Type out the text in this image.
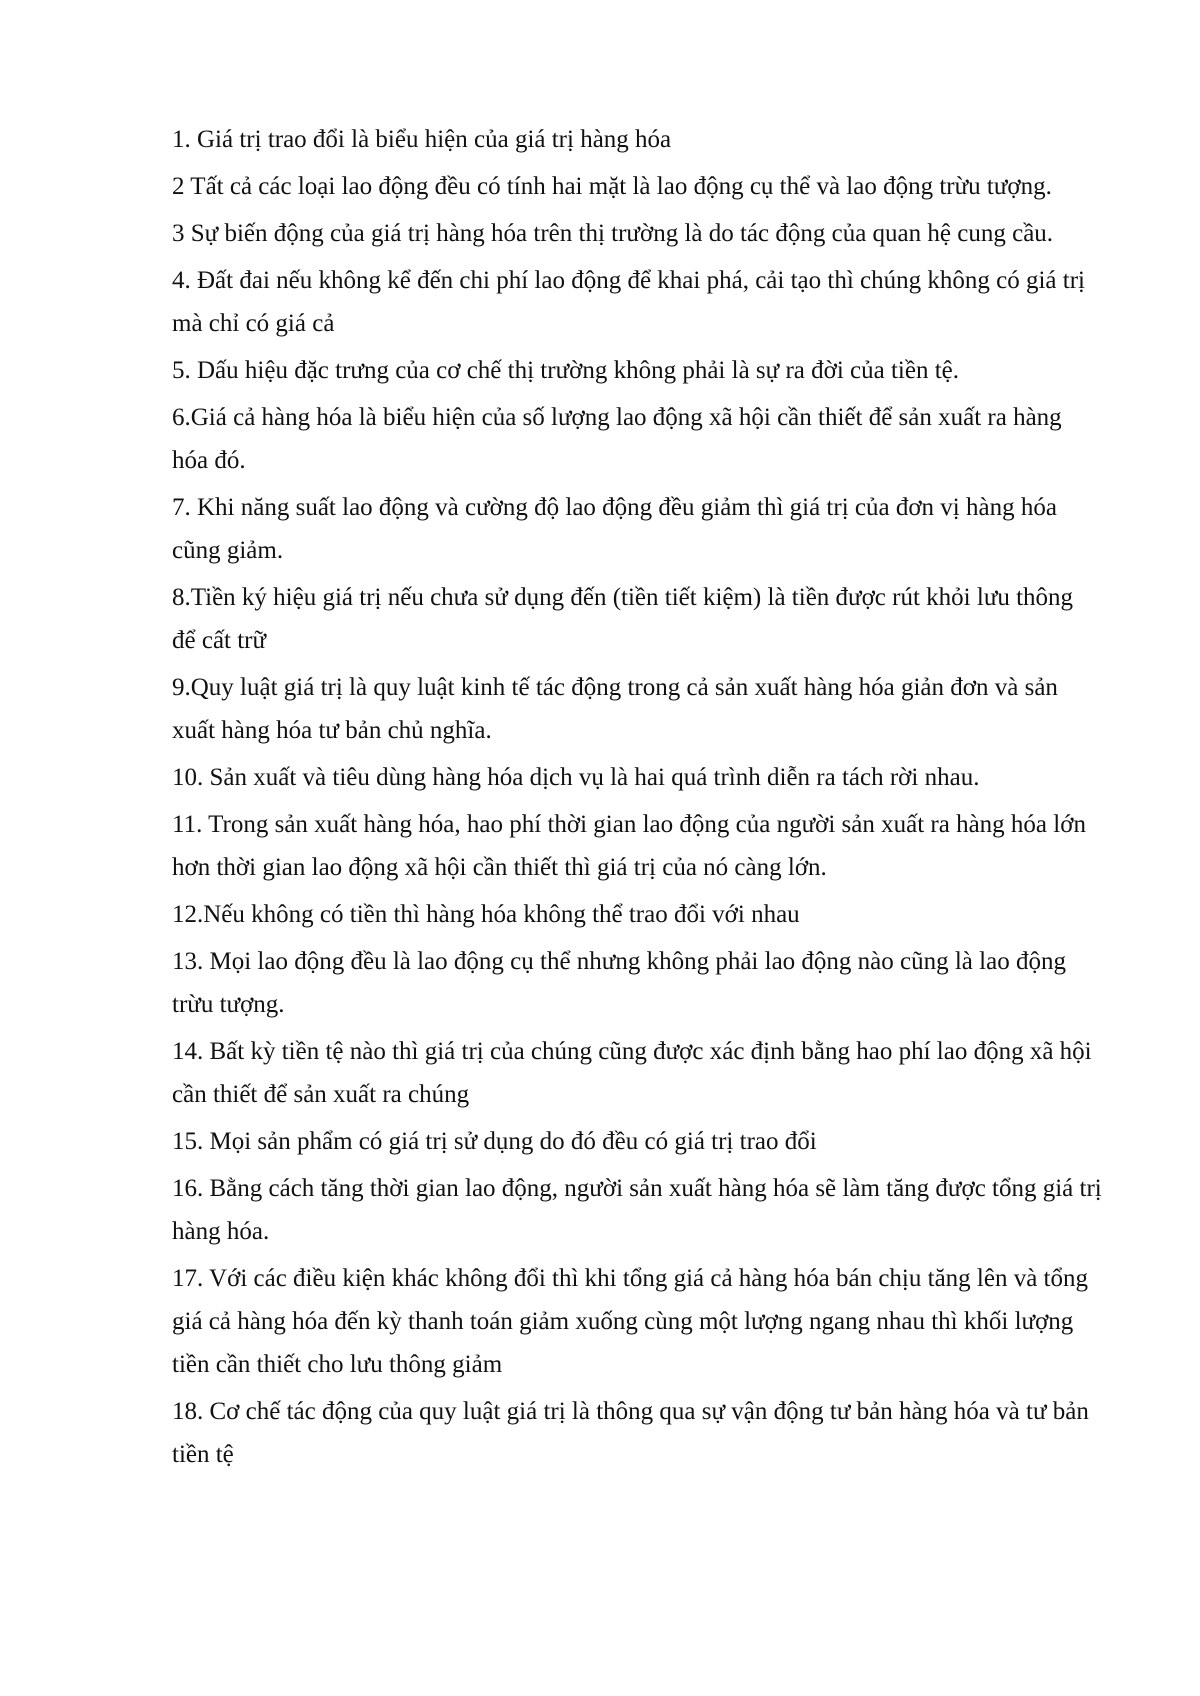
1. Giá trị trao đổi là biểu hiện của giá trị hàng hóa

2 Tất cả các loại lao động đều có tính hai mặt là lao động cụ thể và lao động trừu tượng.

3 Sự biến động của giá trị hàng hóa trên thị trường là do tác động của quan hệ cung cầu.

4. Đất đai nếu không kể đến chi phí lao động để khai phá, cải tạo thì chúng không có giá trị mà chỉ có giá cả

5. Dấu hiệu đặc trưng của cơ chế thị trường không phải là sự ra đời của tiền tệ.

6.Giá cả hàng hóa là biểu hiện của số lượng lao động xã hội cần thiết để sản xuất ra hàng hóa đó.

7. Khi năng suất lao động và cường độ lao động đều giảm thì giá trị của đơn vị hàng hóa cũng giảm.

8.Tiền ký hiệu giá trị nếu chưa sử dụng đến (tiền tiết kiệm) là tiền được rút khỏi lưu thông để cất trữ

9.Quy luật giá trị là quy luật kinh tế tác động trong cả sản xuất hàng hóa giản đơn và sản xuất hàng hóa tư bản chủ nghĩa.

10. Sản xuất và tiêu dùng hàng hóa dịch vụ là hai quá trình diễn ra tách rời nhau.

11. Trong sản xuất hàng hóa, hao phí thời gian lao động của người sản xuất ra hàng hóa lớn hơn thời gian lao động xã hội cần thiết thì giá trị của nó càng lớn.

12.Nếu không có tiền thì hàng hóa không thể trao đổi với nhau

13. Mọi lao động đều là lao động cụ thể nhưng không phải lao động nào cũng là lao động trừu tượng.

14. Bất kỳ tiền tệ nào thì giá trị của chúng cũng được xác định bằng hao phí lao động xã hội cần thiết để sản xuất ra chúng

15. Mọi sản phẩm có giá trị sử dụng do đó đều có giá trị trao đổi

16. Bằng cách tăng thời gian lao động, người sản xuất hàng hóa sẽ làm tăng được tổng giá trị hàng hóa.

17. Với các điều kiện khác không đổi thì khi tổng giá cả hàng hóa bán chịu tăng lên và tổng giá cả hàng hóa đến kỳ thanh toán giảm xuống cùng một lượng ngang nhau thì khối lượng tiền cần thiết cho lưu thông giảm

18. Cơ chế tác động của quy luật giá trị là thông qua sự vận động tư bản hàng hóa và tư bản tiền tệ
